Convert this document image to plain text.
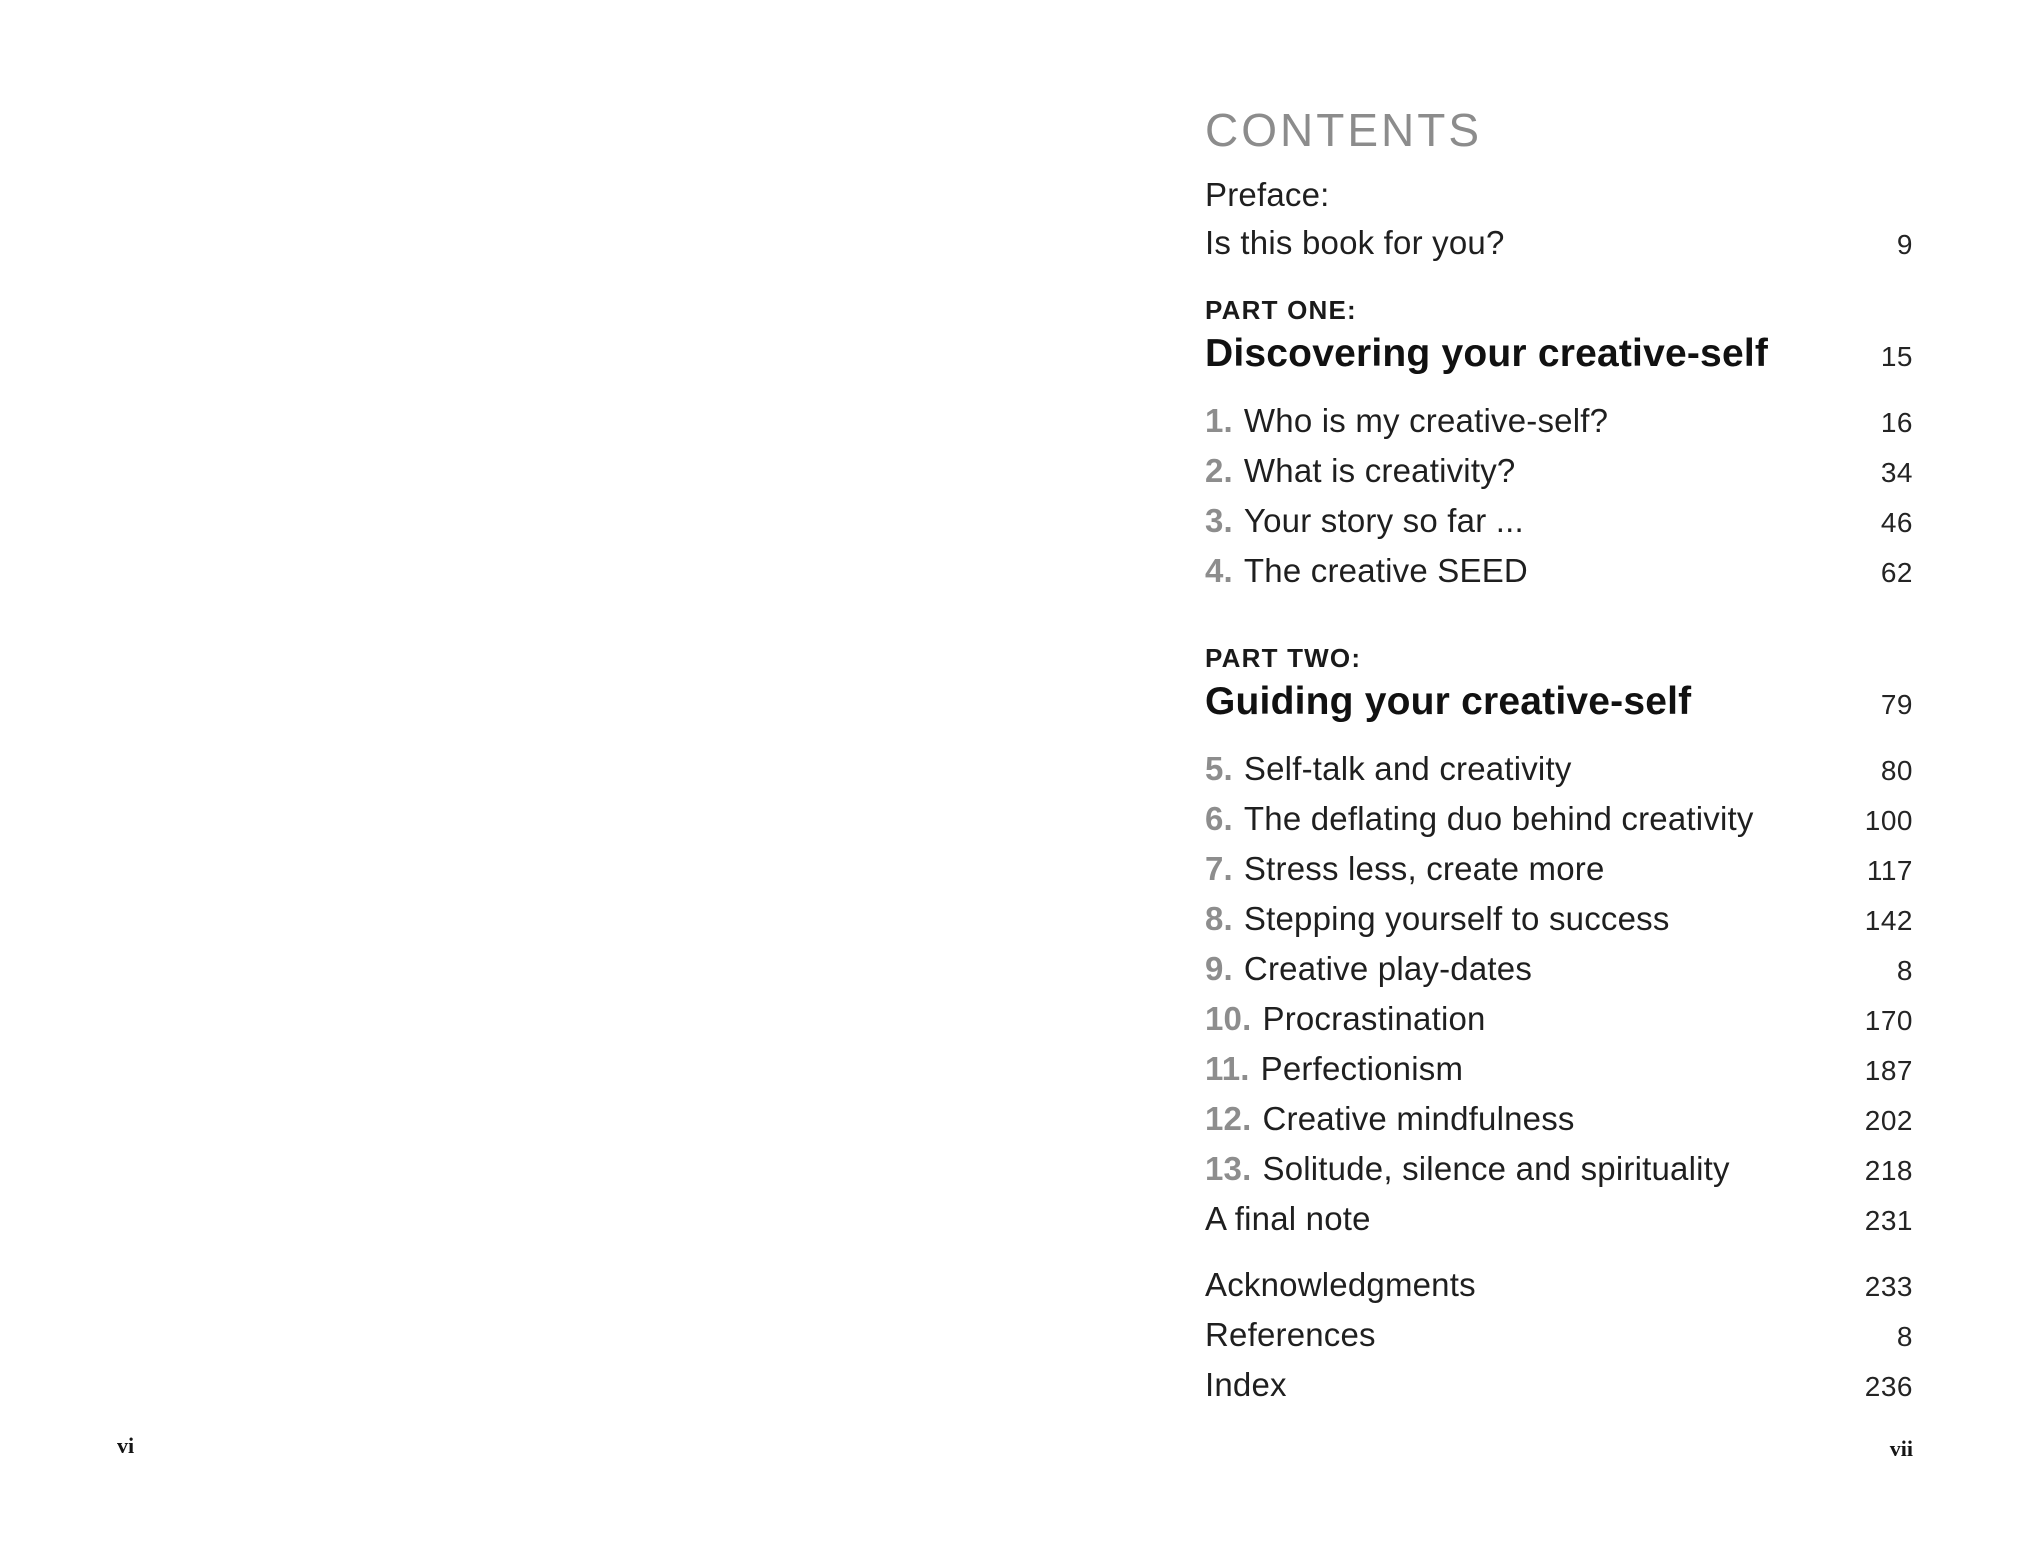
CONTENTS
Preface:
Is this book for you?	9
PART ONE:
Discovering your creative-self	15
1. Who is my creative-self?	16
2. What is creativity?	34
3. Your story so far ...	46
4. The creative SEED	62
PART TWO:
Guiding your creative-self	79
5. Self-talk and creativity	80
6. The deflating duo behind creativity	100
7. Stress less, create more	117
8. Stepping yourself to success	142
9. Creative play-dates	8
10. Procrastination	170
11. Perfectionism	187
12. Creative mindfulness	202
13. Solitude, silence and spirituality	218
A final note	231
Acknowledgments	233
References	8
Index	236
vi	vii
